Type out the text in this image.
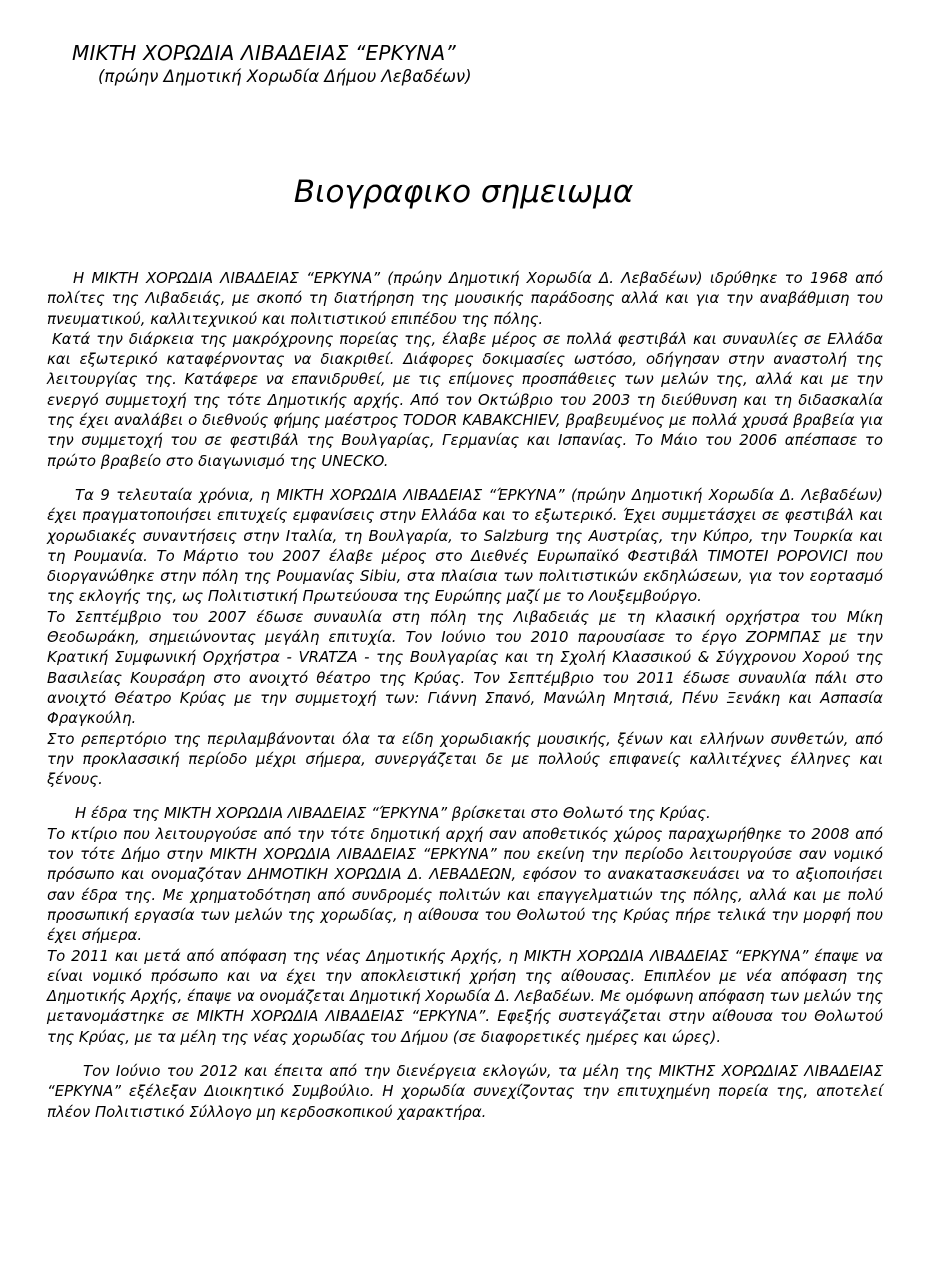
ΜΙΚΤΗ ΧΟΡΩΔΙΑ ΛΙΒΑΔΕΙΑΣ “ΕΡΚΥΝΑ”
(πρώην Δημοτική Χορωδία Δήμου Λεβαδέων)
Βιογραφικο σημειωμα

Η ΜΙΚΤΗ ΧΟΡΩΔΙΑ ΛΙΒΑΔΕΙΑΣ “ΕΡΚΥΝΑ” (πρώην Δημοτική Χορωδία Δ. Λεβαδέων) ιδρύθηκε το 1968 από πολίτες της Λιβαδειάς, με σκοπό τη διατήρηση της μουσικής παράδοσης αλλά και για την αναβάθμιση του πνευματικού, καλλιτεχνικού και πολιτιστικού επιπέδου της πόλης.

Κατά την διάρκεια της μακρόχρονης πορείας της, έλαβε μέρος σε πολλά φεστιβάλ και συναυλίες σε Ελλάδα και εξωτερικό καταφέρνοντας να διακριθεί. Διάφορες δοκιμασίες ωστόσο, οδήγησαν στην αναστολή της λειτουργίας της. Κατάφερε να επανιδρυθεί, με τις επίμονες προσπάθειες των μελών της, αλλά και με την ενεργό συμμετοχή της τότε Δημοτικής αρχής. Από τον Οκτώβριο του 2003 τη διεύθυνση και τη διδασκαλία της έχει αναλάβει ο διεθνούς φήμης μαέστρος TODOR KABAKCHIEV, βραβευμένος με πολλά χρυσά βραβεία για την συμμετοχή του σε φεστιβάλ της Βουλγαρίας, Γερμανίας και Ισπανίας. Το Μάιο του 2006 απέσπασε το πρώτο βραβείο στο διαγωνισμό της UNECKO.

Τα 9 τελευταία χρόνια, η ΜΙΚΤΗ ΧΟΡΩΔΙΑ ΛΙΒΑΔΕΙΑΣ “ΈΡΚΥΝΑ” (πρώην Δημοτική Χορωδία Δ. Λεβαδέων) έχει πραγματοποιήσει επιτυχείς εμφανίσεις στην Ελλάδα και το εξωτερικό. Έχει συμμετάσχει σε φεστιβάλ και χορωδιακές συναντήσεις στην Ιταλία, τη Βουλγαρία, το Salzburg της Αυστρίας, την Κύπρο, την Τουρκία και τη Ρουμανία. Το Μάρτιο του 2007 έλαβε μέρος στο Διεθνές Ευρωπαϊκό Φεστιβάλ TIMOTEI POPOVICI που διοργανώθηκε στην πόλη της Ρουμανίας Sibiu, στα πλαίσια των πολιτιστικών εκδηλώσεων, για τον εορτασμό της εκλογής της, ως Πολιτιστική Πρωτεύουσα της Ευρώπης μαζί με το Λουξεμβούργο.

Το Σεπτέμβριο του 2007 έδωσε συναυλία στη πόλη της Λιβαδειάς με τη κλασική ορχήστρα του Μίκη Θεοδωράκη, σημειώνοντας μεγάλη επιτυχία. Τον Ιούνιο του 2010 παρουσίασε το έργο ΖΟΡΜΠΑΣ με την Κρατική Συμφωνική Ορχήστρα - VRATZA - της Βουλγαρίας και τη Σχολή Κλασσικού & Σύγχρονου Χορού της Βασιλείας Κουρσάρη στο ανοιχτό θέατρο της Κρύας. Τον Σεπτέμβριο του 2011 έδωσε συναυλία πάλι στο ανοιχτό Θέατρο Κρύας με την συμμετοχή των: Γιάννη Σπανό, Μανώλη Μητσιά, Πένυ Ξενάκη και Ασπασία Φραγκούλη.

Στο ρεπερτόριο της περιλαμβάνονται όλα τα είδη χορωδιακής μουσικής, ξένων και ελλήνων συνθετών, από την προκλασσική περίοδο μέχρι σήμερα, συνεργάζεται δε με πολλούς επιφανείς καλλιτέχνες έλληνες και ξένους.

Η έδρα της ΜΙΚΤΗ ΧΟΡΩΔΙΑ ΛΙΒΑΔΕΙΑΣ “ΈΡΚΥΝΑ” βρίσκεται στο Θολωτό της Κρύας.

Το κτίριο που λειτουργούσε από την τότε δημοτική αρχή σαν αποθετικός χώρος παραχωρήθηκε το 2008 από τον τότε Δήμο στην ΜΙΚΤΗ ΧΟΡΩΔΙΑ ΛΙΒΑΔΕΙΑΣ “ΕΡΚΥΝΑ” που εκείνη την περίοδο λειτουργούσε σαν νομικό πρόσωπο και ονομαζόταν ΔΗΜΟΤΙΚΗ ΧΟΡΩΔΙΑ Δ. ΛΕΒΑΔΕΩΝ, εφόσον το ανακατασκευάσει να το αξιοποιήσει σαν έδρα της. Με χρηματοδότηση από συνδρομές πολιτών και επαγγελματιών της πόλης, αλλά και με πολύ προσωπική εργασία των μελών της χορωδίας, η αίθουσα του Θολωτού της Κρύας πήρε τελικά την μορφή που έχει σήμερα.

Το 2011 και μετά από απόφαση της νέας Δημοτικής Αρχής, η ΜΙΚΤΗ ΧΟΡΩΔΙΑ ΛΙΒΑΔΕΙΑΣ “ΕΡΚΥΝΑ” έπαψε να είναι νομικό πρόσωπο και να έχει την αποκλειστική χρήση της αίθουσας. Επιπλέον με νέα απόφαση της Δημοτικής Αρχής, έπαψε να ονομάζεται Δημοτική Χορωδία Δ. Λεβαδέων. Με ομόφωνη απόφαση των μελών της μετανομάστηκε σε ΜΙΚΤΗ ΧΟΡΩΔΙΑ ΛΙΒΑΔΕΙΑΣ “ΕΡΚΥΝΑ”. Εφεξής συστεγάζεται στην αίθουσα του Θολωτού της Κρύας, με τα μέλη της νέας χορωδίας του Δήμου (σε διαφορετικές ημέρες και ώρες).

Τον Ιούνιο του 2012 και έπειτα από την διενέργεια εκλογών, τα μέλη της ΜΙΚΤΗΣ ΧΟΡΩΔΙΑΣ ΛΙΒΑΔΕΙΑΣ “ΕΡΚΥΝΑ” εξέλεξαν Διοικητικό Συμβούλιο. Η χορωδία συνεχίζοντας την επιτυχημένη πορεία της, αποτελεί πλέον Πολιτιστικό Σύλλογο μη κερδοσκοπικού χαρακτήρα.
